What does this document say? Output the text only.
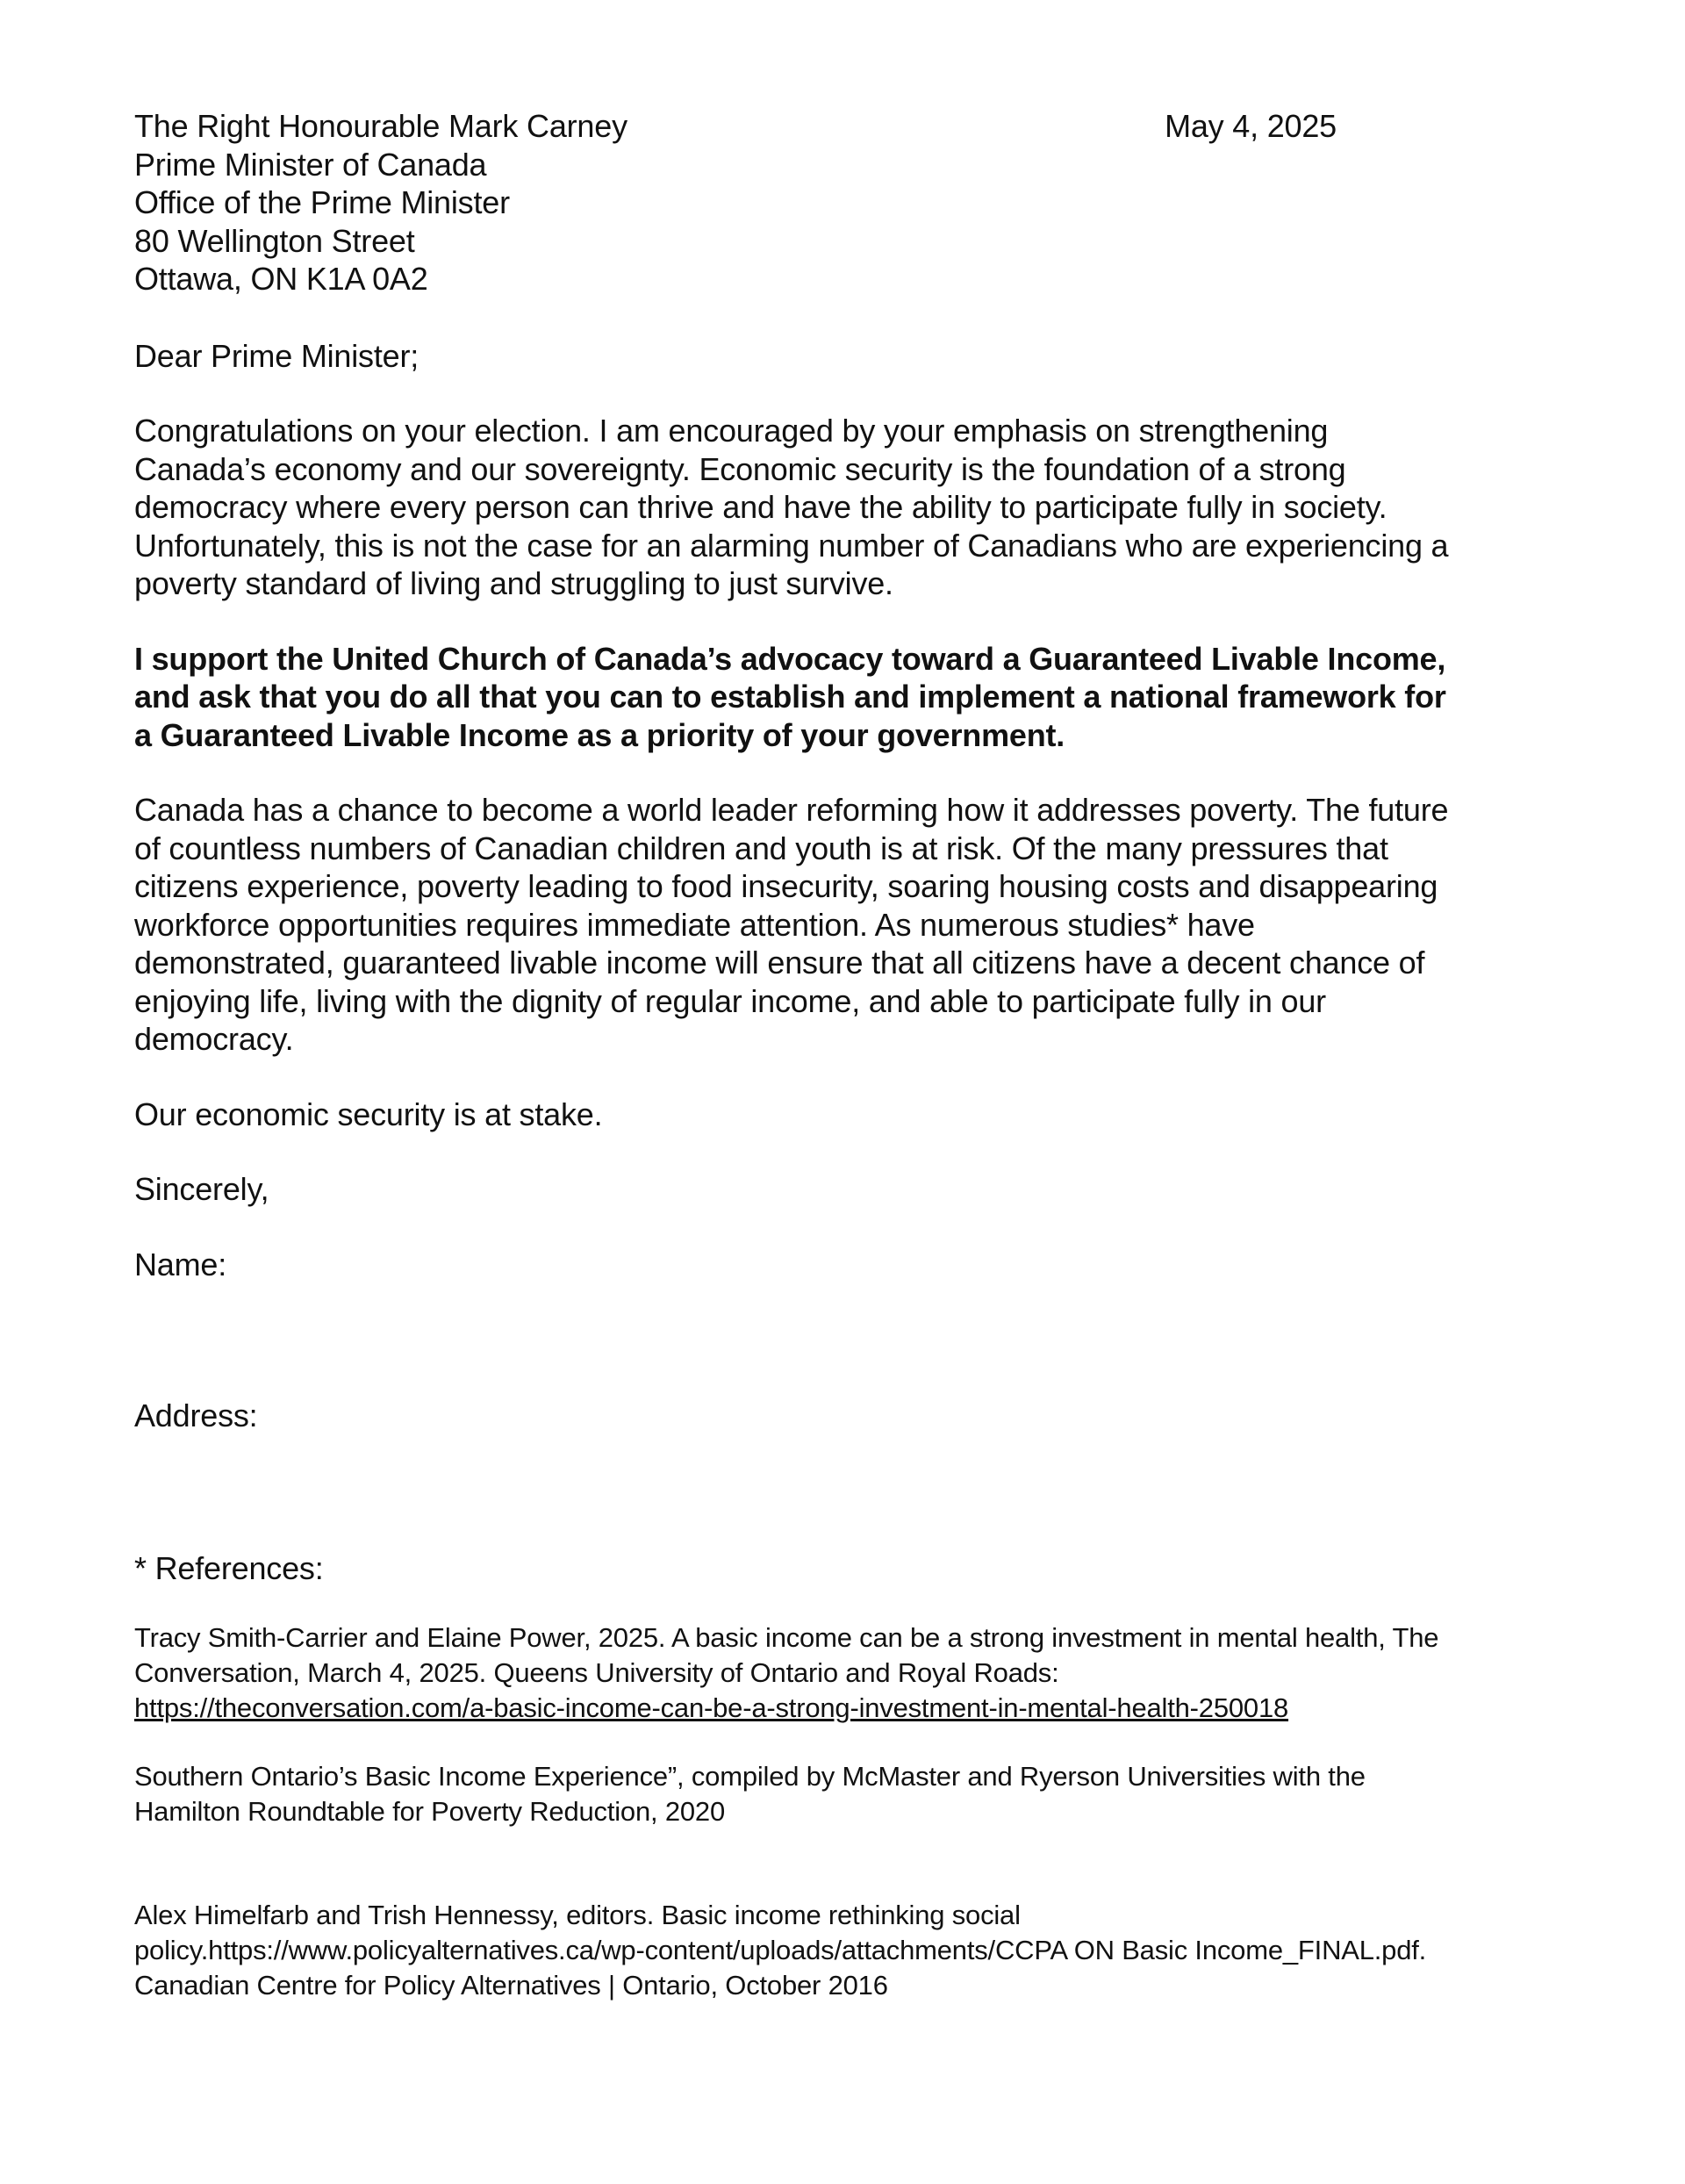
The Right Honourable Mark Carney
Prime Minister of Canada
Office of the Prime Minister
80 Wellington Street
Ottawa, ON K1A 0A2
May 4, 2025
Dear Prime Minister;

Congratulations on your election. I am encouraged by your emphasis on strengthening Canada’s economy and our sovereignty. Economic security is the foundation of a strong democracy where every person can thrive and have the ability to participate fully in society. Unfortunately, this is not the case for an alarming number of Canadians who are experiencing a poverty standard of living and struggling to just survive.

I support the United Church of Canada’s advocacy toward a Guaranteed Livable Income, and ask that you do all that you can to establish and implement a national framework for a Guaranteed Livable Income as a priority of your government.

Canada has a chance to become a world leader reforming how it addresses poverty. The future of countless numbers of Canadian children and youth is at risk. Of the many pressures that citizens experience, poverty leading to food insecurity, soaring housing costs and disappearing workforce opportunities requires immediate attention. As numerous studies* have demonstrated, guaranteed livable income will ensure that all citizens have a decent chance of enjoying life, living with the dignity of regular income, and able to participate fully in our democracy.

Our economic security is at stake.

Sincerely,
Name:
Address:
* References:
Tracy Smith-Carrier and Elaine Power, 2025. A basic income can be a strong investment in mental health, The Conversation, March 4, 2025. Queens University of Ontario and Royal Roads:
https://theconversation.com/a-basic-income-can-be-a-strong-investment-in-mental-health-250018
Southern Ontario’s Basic Income Experience”, compiled by McMaster and Ryerson Universities with the Hamilton Roundtable for Poverty Reduction, 2020
Alex Himelfarb and Trish Hennessy, editors. Basic income rethinking social policy.https://www.policyalternatives.ca/wp-content/uploads/attachments/CCPA ON Basic Income_FINAL.pdf. Canadian Centre for Policy Alternatives | Ontario, October 2016
